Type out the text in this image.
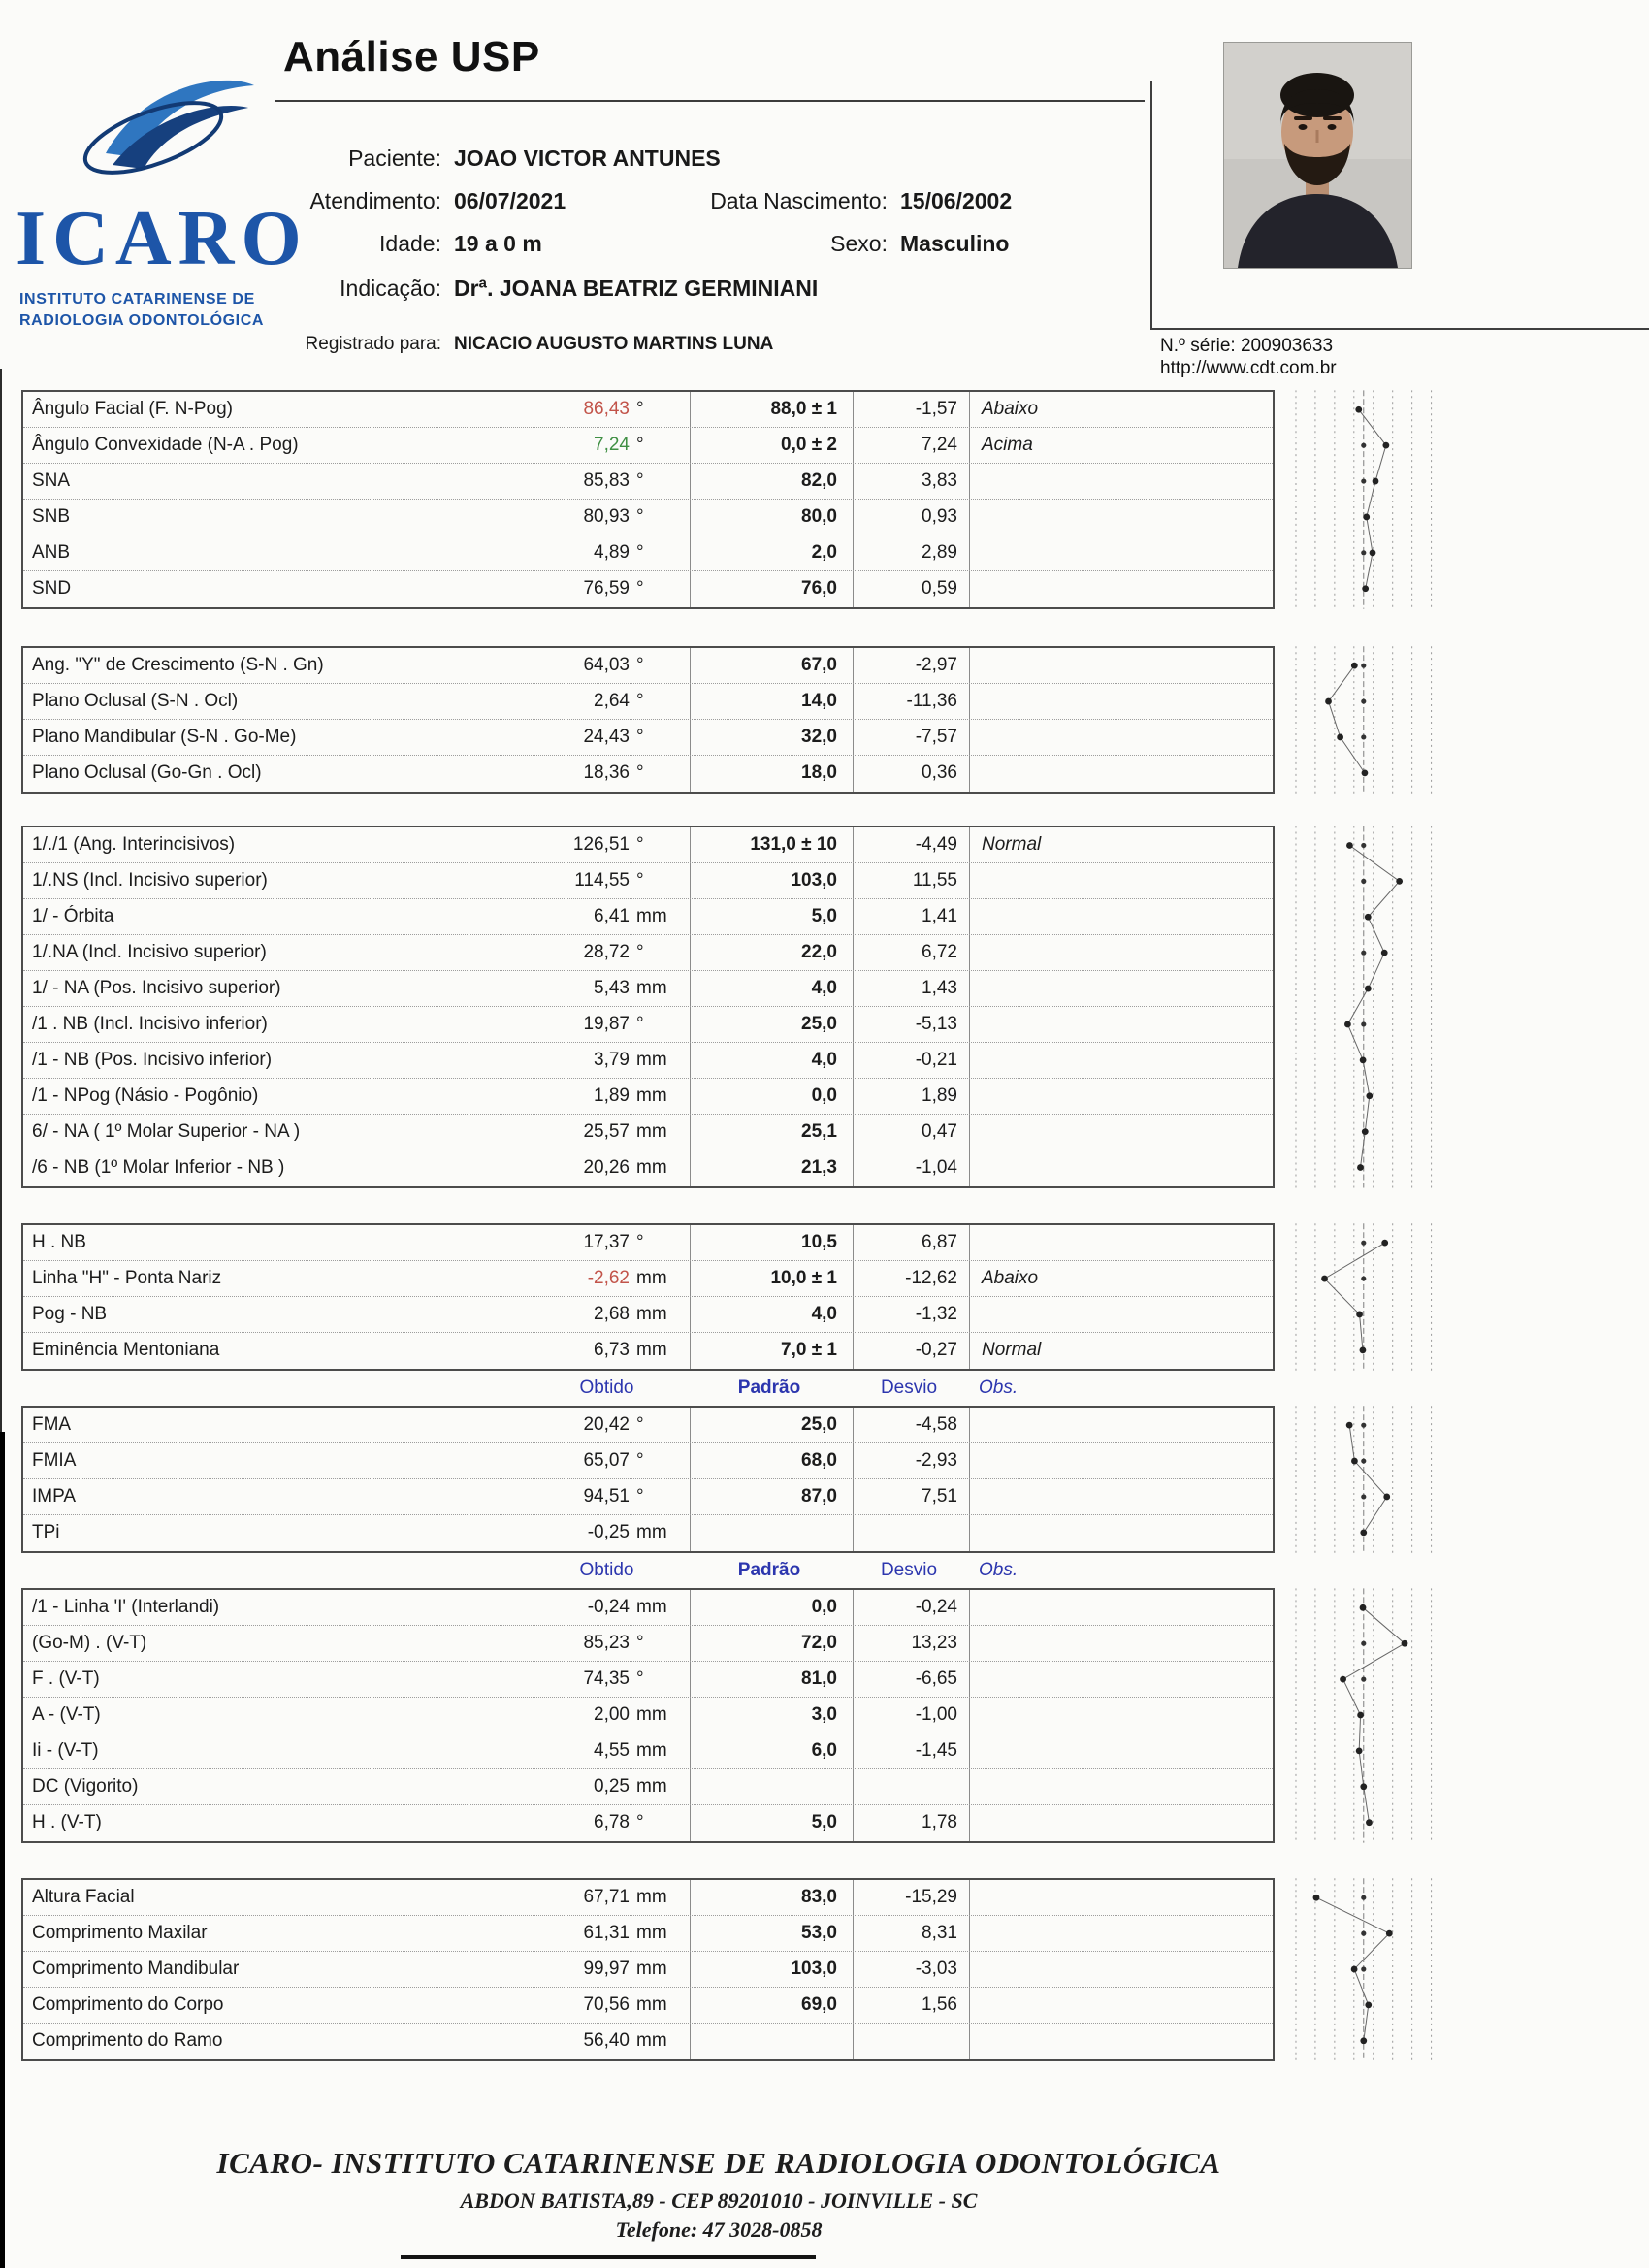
ICARO
INSTITUTO CATARINENSE DE
RADIOLOGIA ODONTOLÓGICA
Análise USP
Paciente: JOAO VICTOR ANTUNES
Atendimento: 06/07/2021	Data Nascimento: 15/06/2002
Idade: 19 a 0 m	Sexo: Masculino
Indicação: Drª. JOANA BEATRIZ GERMINIANI
Registrado para: NICACIO AUGUSTO MARTINS LUNA	N.º série: 200903633
http://www.cdt.com.br
Ângulo Facial (F. N-Pog)	86,43 °	88,0 ± 1	-1,57	Abaixo
Ângulo Convexidade (N-A . Pog)	7,24 °	0,0 ± 2	7,24	Acima
SNA	85,83 °	82,0	3,83
SNB	80,93 °	80,0	0,93
ANB	4,89 °	2,0	2,89
SND	76,59 °	76,0	0,59
Ang. "Y" de Crescimento (S-N . Gn)	64,03 °	67,0	-2,97
Plano Oclusal (S-N . Ocl)	2,64 °	14,0	-11,36
Plano Mandibular (S-N . Go-Me)	24,43 °	32,0	-7,57
Plano Oclusal (Go-Gn . Ocl)	18,36 °	18,0	0,36
1/./1 (Ang. Interincisivos)	126,51 °	131,0 ± 10	-4,49	Normal
1/.NS (Incl. Incisivo superior)	114,55 °	103,0	11,55
1/ - Órbita	6,41 mm	5,0	1,41
1/.NA (Incl. Incisivo superior)	28,72 °	22,0	6,72
1/ - NA (Pos. Incisivo superior)	5,43 mm	4,0	1,43
/1 . NB (Incl. Incisivo inferior)	19,87 °	25,0	-5,13
/1 - NB (Pos. Incisivo inferior)	3,79 mm	4,0	-0,21
/1 - NPog (Násio - Pogônio)	1,89 mm	0,0	1,89
6/ - NA ( 1º Molar Superior - NA )	25,57 mm	25,1	0,47
/6 - NB (1º Molar Inferior - NB )	20,26 mm	21,3	-1,04
H . NB	17,37 °	10,5	6,87
Linha "H" - Ponta Nariz	-2,62 mm	10,0 ± 1	-12,62	Abaixo
Pog - NB	2,68 mm	4,0	-1,32
Eminência Mentoniana	6,73 mm	7,0 ± 1	-0,27	Normal
Obtido	Padrão	Desvio	Obs.
FMA	20,42 °	25,0	-4,58
FMIA	65,07 °	68,0	-2,93
IMPA	94,51 °	87,0	7,51
TPi	-0,25 mm
Obtido	Padrão	Desvio	Obs.
/1 - Linha 'I' (Interlandi)	-0,24 mm	0,0	-0,24
(Go-M) . (V-T)	85,23 °	72,0	13,23
F . (V-T)	74,35 °	81,0	-6,65
A - (V-T)	2,00 mm	3,0	-1,00
Ii - (V-T)	4,55 mm	6,0	-1,45
DC (Vigorito)	0,25 mm
H . (V-T)	6,78 °	5,0	1,78
Altura Facial	67,71 mm	83,0	-15,29
Comprimento Maxilar	61,31 mm	53,0	8,31
Comprimento Mandibular	99,97 mm	103,0	-3,03
Comprimento do Corpo	70,56 mm	69,0	1,56
Comprimento do Ramo	56,40 mm
ICARO- INSTITUTO CATARINENSE DE RADIOLOGIA ODONTOLÓGICA
ABDON BATISTA,89 - CEP 89201010 - JOINVILLE - SC
Telefone: 47 3028-0858
